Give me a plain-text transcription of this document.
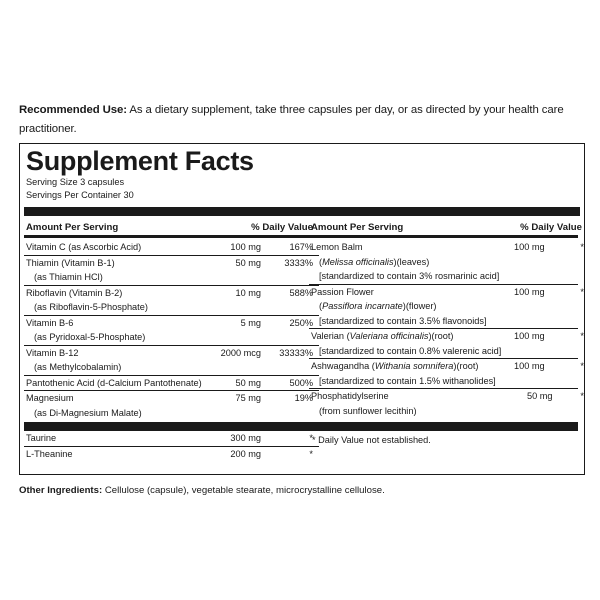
Recommended Use: As a dietary supplement, take three capsules per day, or as directed by your health care practitioner.
Supplement Facts
Serving Size 3 capsules
Servings Per Container 30
Amount Per Serving	% Daily Value
Vitamin C (as Ascorbic Acid)	100 mg	167%
Thiamin (Vitamin B-1)	50 mg	3333%
(as Thiamin HCl)
Riboflavin (Vitamin B-2)	10 mg	588%
(as Riboflavin-5-Phosphate)
Vitamin B-6	5 mg	250%
(as Pyridoxal-5-Phosphate)
Vitamin B-12	2000 mcg 33333%
(as Methylcobalamin)
Pantothenic Acid (d-Calcium Pantothenate)	50 mg	500%
Magnesium	75 mg	19%
(as Di-Magnesium Malate)
Taurine	300 mg	*
L-Theanine	200 mg	*
Amount Per Serving	% Daily Value
Lemon Balm	100 mg	*
(Melissa officinalis)(leaves)
[standardized to contain 3% rosmarinic acid]
Passion Flower	100 mg	*
(Passiflora incarnate)(flower)
[standardized to contain 3.5% flavonoids]
Valerian (Valeriana officinalis)(root)	100 mg	*
[standardized to contain 0.8% valerenic acid]
Ashwagandha (Withania somnifera)(root)	100 mg	*
[standardized to contain 1.5% withanolides]
Phosphatidylserine	50 mg	*
(from sunflower lecithin)
* Daily Value not established.
Other Ingredients: Cellulose (capsule), vegetable stearate, microcrystalline cellulose.
